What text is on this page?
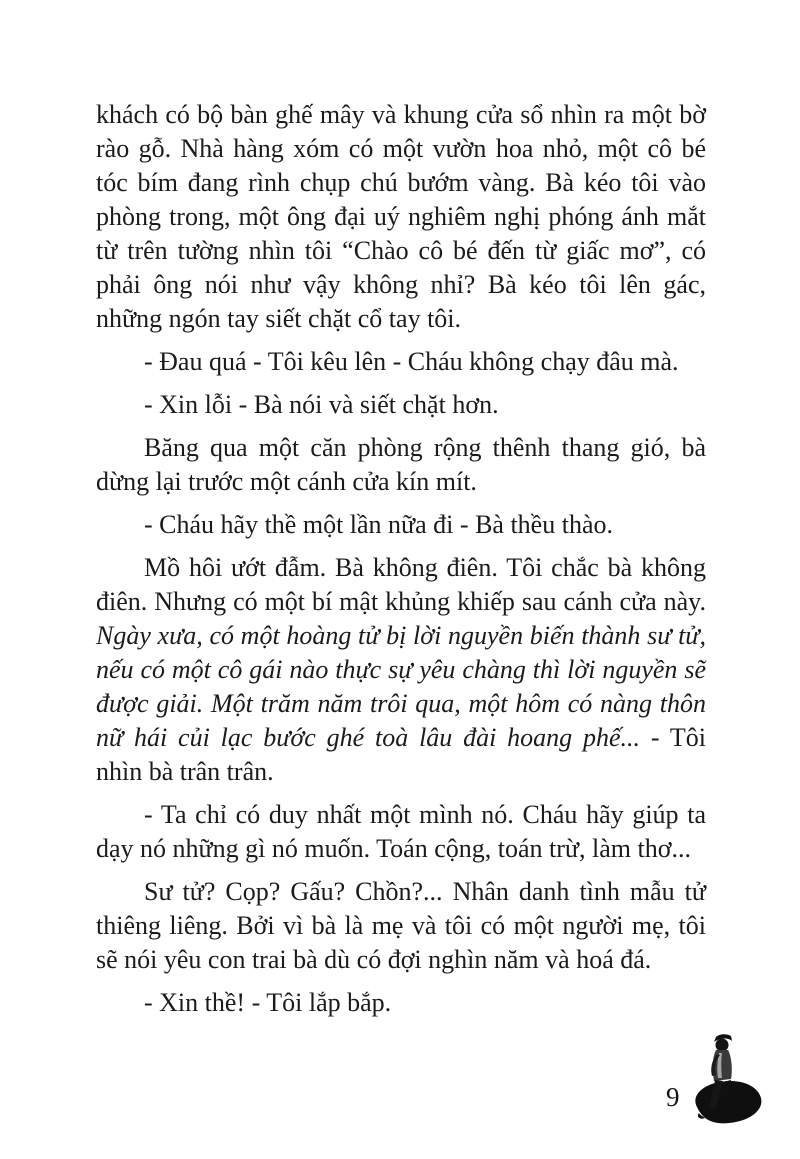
khách có bộ bàn ghế mây và khung cửa sổ nhìn ra một bờ rào gỗ. Nhà hàng xóm có một vườn hoa nhỏ, một cô bé tóc bím đang rình chụp chú bướm vàng. Bà kéo tôi vào phòng trong, một ông đại uý nghiêm nghị phóng ánh mắt từ trên tường nhìn tôi “Chào cô bé đến từ giấc mơ”, có phải ông nói như vậy không nhỉ? Bà kéo tôi lên gác, những ngón tay siết chặt cổ tay tôi.

- Đau quá - Tôi kêu lên - Cháu không chạy đâu mà.

- Xin lỗi - Bà nói và siết chặt hơn.

Băng qua một căn phòng rộng thênh thang gió, bà dừng lại trước một cánh cửa kín mít.

- Cháu hãy thề một lần nữa đi - Bà thều thào.

Mồ hôi ướt đẫm. Bà không điên. Tôi chắc bà không điên. Nhưng có một bí mật khủng khiếp sau cánh cửa này. Ngày xưa, có một hoàng tử bị lời nguyền biến thành sư tử, nếu có một cô gái nào thực sự yêu chàng thì lời nguyền sẽ được giải. Một trăm năm trôi qua, một hôm có nàng thôn nữ hái củi lạc bước ghé toà lâu đài hoang phế... - Tôi nhìn bà trân trân.

- Ta chỉ có duy nhất một mình nó. Cháu hãy giúp ta dạy nó những gì nó muốn. Toán cộng, toán trừ, làm thơ...

Sư tử? Cọp? Gấu? Chồn?... Nhân danh tình mẫu tử thiêng liêng. Bởi vì bà là mẹ và tôi có một người mẹ, tôi sẽ nói yêu con trai bà dù có đợi nghìn năm và hoá đá.

- Xin thề! - Tôi lắp bắp.

9
